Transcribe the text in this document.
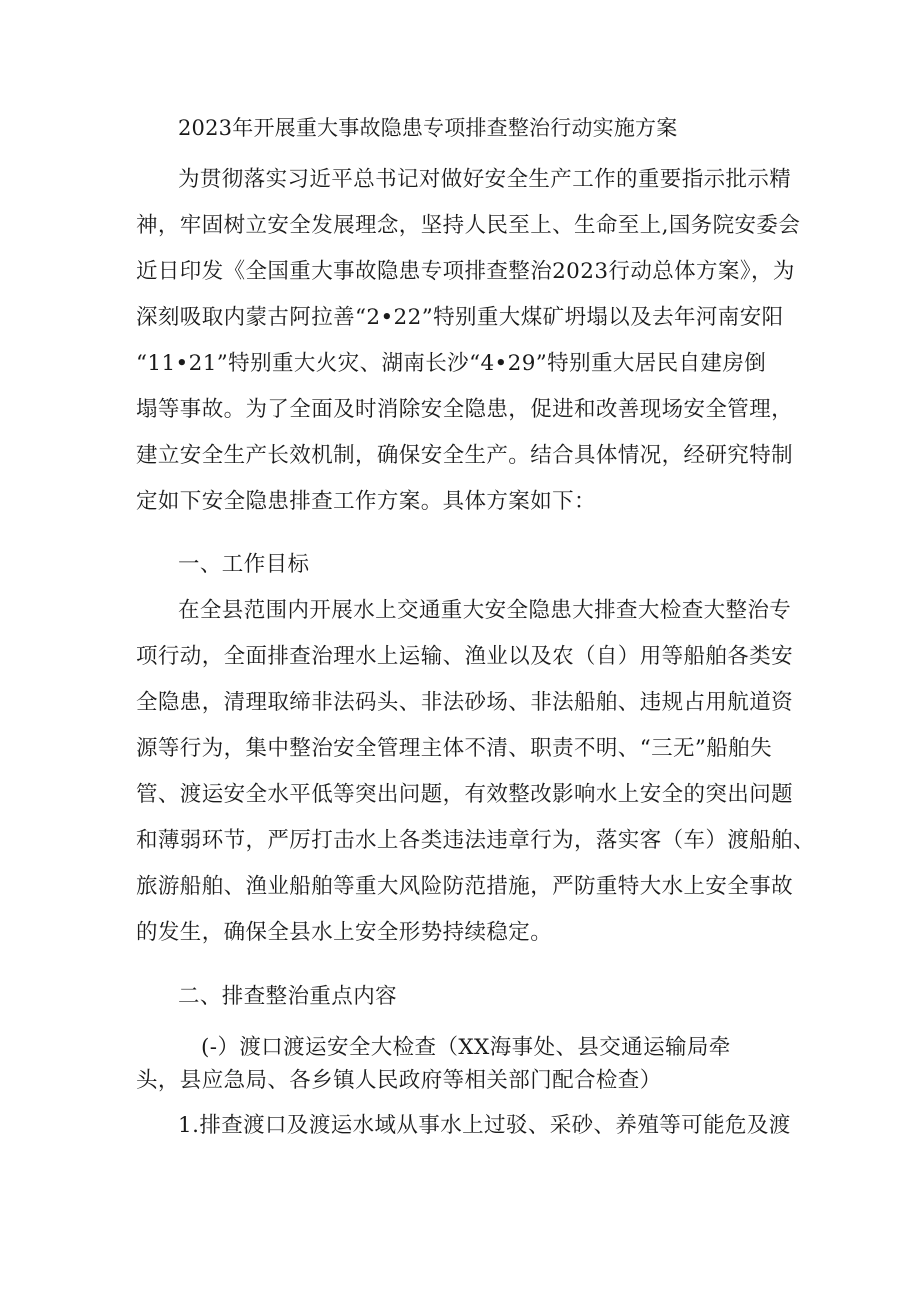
2023年开展重大事故隐患专项排查整治行动实施方案
为贯彻落实习近平总书记对做好安全生产工作的重要指示批示精
神，牢固树立安全发展理念，坚持人民至上、生命至上,国务院安委会
近日印发《全国重大事故隐患专项排查整治2023行动总体方案》，为
深刻吸取内蒙古阿拉善“2•22”特别重大煤矿坍塌以及去年河南安阳
“11•21”特别重大火灾、湖南长沙“4•29”特别重大居民自建房倒
塌等事故。为了全面及时消除安全隐患，促进和改善现场安全管理，
建立安全生产长效机制，确保安全生产。结合具体情况，经研究特制
定如下安全隐患排查工作方案。具体方案如下：
一、工作目标
在全县范围内开展水上交通重大安全隐患大排查大检查大整治专
项行动，全面排查治理水上运输、渔业以及农（自）用等船舶各类安
全隐患，清理取缔非法码头、非法砂场、非法船舶、违规占用航道资
源等行为，集中整治安全管理主体不清、职责不明、“三无”船舶失
管、渡运安全水平低等突出问题，有效整改影响水上安全的突出问题
和薄弱环节，严厉打击水上各类违法违章行为，落实客（车）渡船舶、
旅游船舶、渔业船舶等重大风险防范措施，严防重特大水上安全事故
的发生，确保全县水上安全形势持续稳定。
二、排查整治重点内容
(-）渡口渡运安全大检查（XX海事处、县交通运输局牵
头，县应急局、各乡镇人民政府等相关部门配合检查）
1.排查渡口及渡运水域从事水上过驳、采砂、养殖等可能危及渡
